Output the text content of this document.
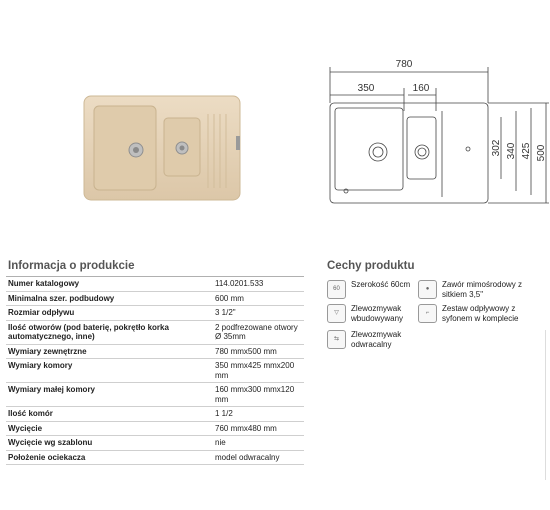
780
350	160
302 340 425 500
Informacja o produkcie	Cechy produktu
Numer katalogowy	114.0201.533
Minimalna szer. podbudowy	600 mm
Rozmiar odpływu	3 1/2"
Ilość otworów (pod baterię, pokrętło korka automatycznego, inne)	2 podfrezowane otwory Ø 35mm
Wymiary zewnętrzne	780 mmx500 mm
Wymiary komory	350 mmx425 mmx200 mm
Wymiary małej komory	160 mmx300 mmx120 mm
Ilość komór	1 1/2
Wycięcie	760 mmx480 mm
Wycięcie wg szablonu	nie
Położenie ociekacza	model odwracalny
60	Szerokość 60cm	●	Zawór mimośrodowy z sitkiem 3,5"
▽	Zlewozmywak wbudowywany
⌐	Zestaw odpływowy z syfonem w komplecie
⇆	Zlewozmywak odwracalny
